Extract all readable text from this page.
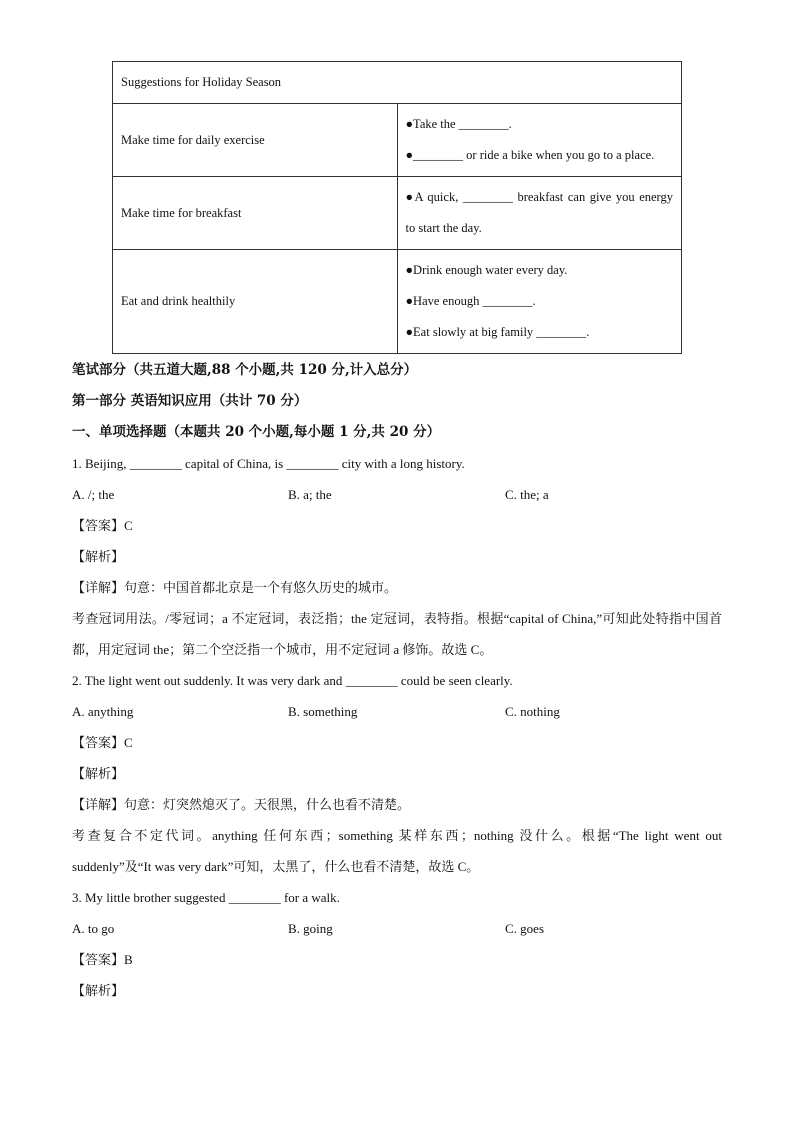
Suggestions for Holiday Season	
Make time for daily exercise	●Take the ________.
●________ or ride a bike when you go to a place.

Make time for breakfast	●A quick, ________ breakfast can give you energy to start the day.

Eat and drink healthily	●Drink enough water every day.
●Have enough ________.
●Eat slowly at big family ________.
笔试部分（共五道大题,88 个小题,共 120 分,计入总分）
第一部分 英语知识应用（共计 70 分）
一、单项选择题（本题共 20 个小题,每小题 1 分,共 20 分）
1. Beijing, ________ capital of China, is ________ city with a long history.
A. /; the	B. a; the	C. the; a
【答案】C
【解析】
【详解】句意：中国首都北京是一个有悠久历史的城市。
考查冠词用法。/零冠词；a 不定冠词，表泛指；the 定冠词，表特指。根据“capital of China,”可知此处特指中国首都，用定冠词 the；第二个空泛指一个城市，用不定冠词 a 修饰。故选 C。
2. The light went out suddenly. It was very dark and ________ could be seen clearly.
A. anything	B. something	C. nothing
【答案】C
【解析】
【详解】句意：灯突然熄灭了。天很黑，什么也看不清楚。
考查复合不定代词。anything 任何东西；something 某样东西；nothing 没什么。根据“The light went out suddenly”及“It was very dark”可知，太黑了，什么也看不清楚，故选 C。
3. My little brother suggested ________ for a walk.
A. to go	B. going	C. goes
【答案】B
【解析】
